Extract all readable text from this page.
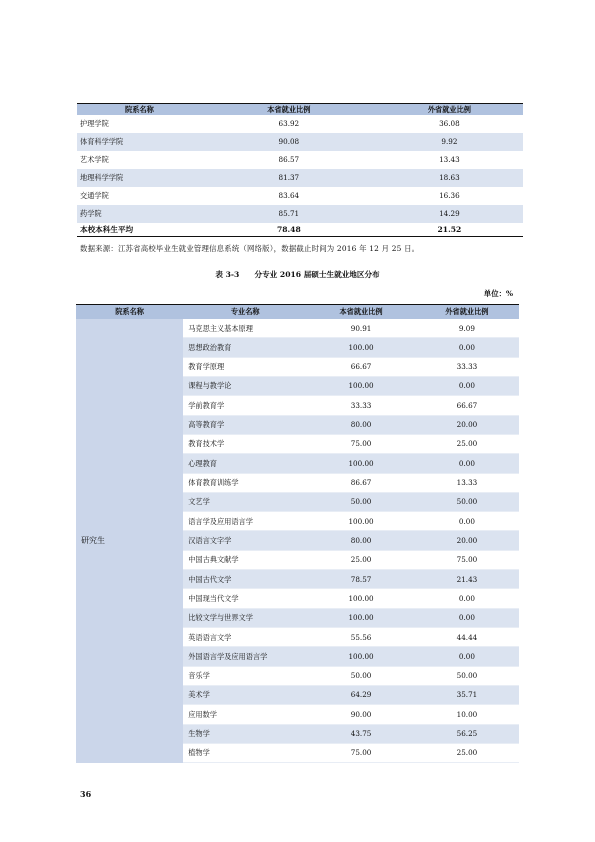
院系名称	本省就业比例	外省就业比例
护理学院	63.92	36.08
体育科学学院	90.08	9.92
艺术学院	86.57	13.43
地理科学学院	81.37	18.63
交通学院	83.64	16.36
药学院	85.71	14.29
本校本科生平均	78.48	21.52
数据来源：江苏省高校毕业生就业管理信息系统（网络版），数据截止时间为 2016 年 12 月 25 日。
表 3-3　　分专业 2016 届硕士生就业地区分布
单位：%
院系名称	专业名称	本省就业比例	外省就业比例
研究生	马克思主义基本原理	90.91	9.09
	思想政治教育	100.00	0.00
	教育学原理	66.67	33.33
	课程与教学论	100.00	0.00
	学前教育学	33.33	66.67
	高等教育学	80.00	20.00
	教育技术学	75.00	25.00
	心理教育	100.00	0.00
	体育教育训练学	86.67	13.33
	文艺学	50.00	50.00
	语言学及应用语言学	100.00	0.00
	汉语言文字学	80.00	20.00
	中国古典文献学	25.00	75.00
	中国古代文学	78.57	21.43
	中国现当代文学	100.00	0.00
	比较文学与世界文学	100.00	0.00
	英语语言文学	55.56	44.44
	外国语言学及应用语言学	100.00	0.00
	音乐学	50.00	50.00
	美术学	64.29	35.71
	应用数学	90.00	10.00
	生物学	43.75	56.25
	植物学	75.00	25.00
36
